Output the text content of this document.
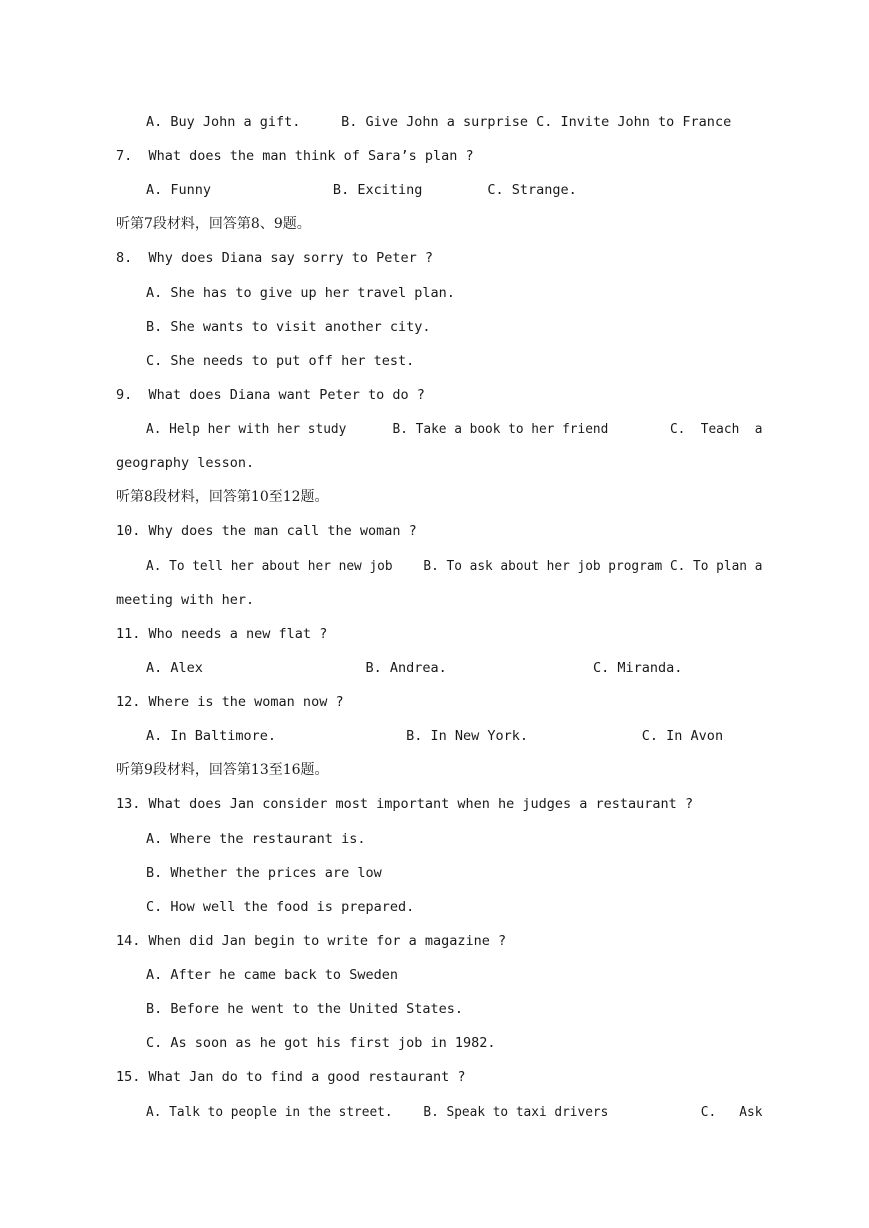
A. Buy John a gift.     B. Give John a surprise C. Invite John to France
7.  What does the man think of Sara’s plan ?
A. Funny               B. Exciting        C. Strange.
听第7段材料，回答第8、9题。
8.  Why does Diana say sorry to Peter ?
A. She has to give up her travel plan.
B. She wants to visit another city.
C. She needs to put off her test.
9.  What does Diana want Peter to do ?
A. Help her with her study      B. Take a book to her friend        C.  Teach  a
geography lesson.
听第8段材料，回答第10至12题。
10. Why does the man call the woman ?
A. To tell her about her new job    B. To ask about her job program C. To plan a
meeting with her.
11. Who needs a new flat ?
A. Alex                    B. Andrea.                  C. Miranda.
12. Where is the woman now ?
A. In Baltimore.                B. In New York.              C. In Avon
听第9段材料，回答第13至16题。
13. What does Jan consider most important when he judges a restaurant ?
A. Where the restaurant is.
B. Whether the prices are low
C. How well the food is prepared.
14. When did Jan begin to write for a magazine ?
A. After he came back to Sweden
B. Before he went to the United States.
C. As soon as he got his first job in 1982.
15. What Jan do to find a good restaurant ?
A. Talk to people in the street.    B. Speak to taxi drivers            C.   Ask
